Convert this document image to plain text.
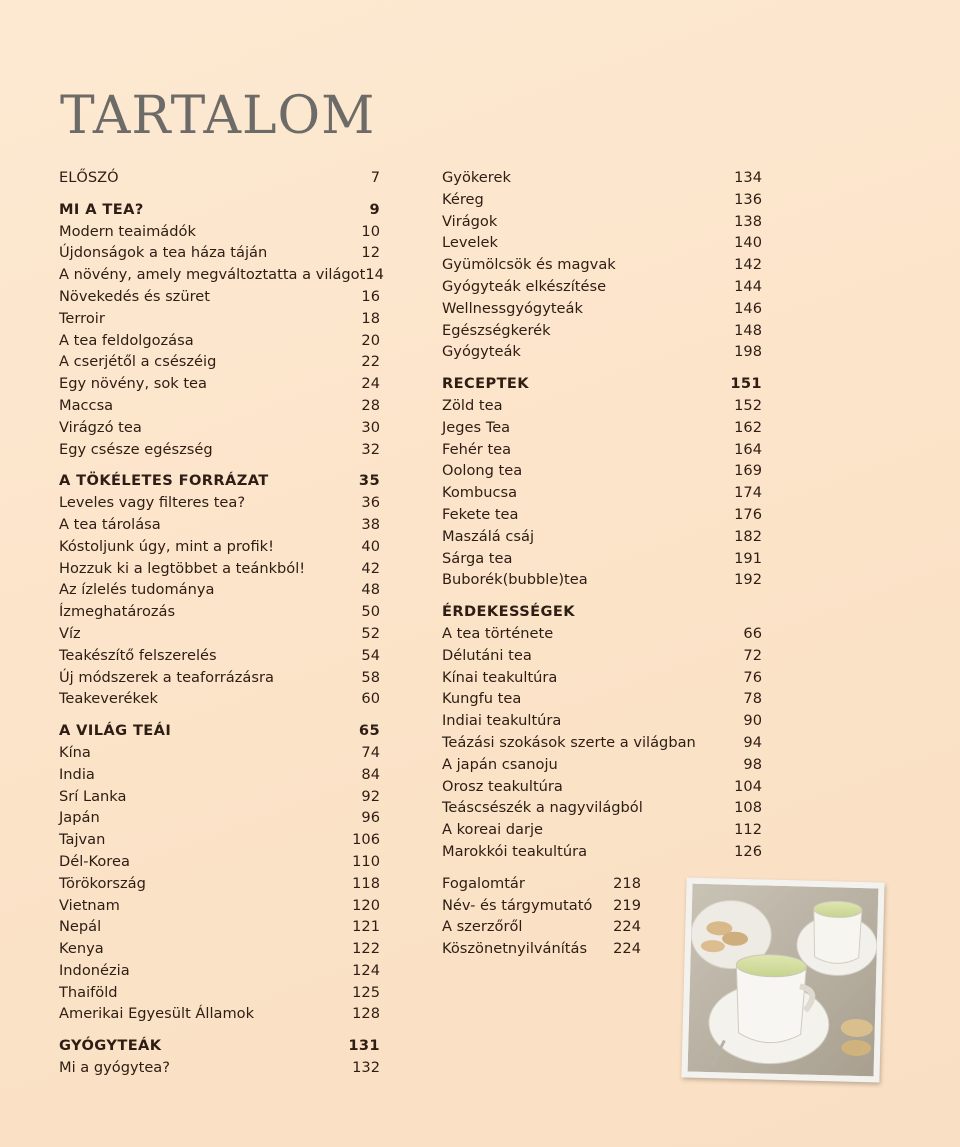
TARTALOM
ELŐSZÓ	7
MI A TEA?	9
Modern teaimádók	10
Újdonságok a tea háza táján	12
A növény, amely megváltoztatta a világot 14
Növekedés és szüret	16
Terroir	18
A tea feldolgozása	20
A cserjétől a csészéig	22
Egy növény, sok tea	24
Maccsa	28
Virágzó tea	30
Egy csésze egészség	32
A TÖKÉLETES FORRÁZAT	35
Leveles vagy filteres tea?	36
A tea tárolása	38
Kóstoljunk úgy, mint a profik!	40
Hozzuk ki a legtöbbet a teánkból!	42
Az ízlelés tudománya	48
Ízmeghatározás	50
Víz	52
Teakészítő felszerelés	54
Új módszerek a teaforrázásra	58
Teakeverékek	60
A VILÁG TEÁI	65
Kína	74
India	84
Srí Lanka	92
Japán	96
Tajvan	106
Dél-Korea	110
Törökország	118
Vietnam	120
Nepál	121
Kenya	122
Indonézia	124
Thaiföld	125
Amerikai Egyesült Államok	128
GYÓGYTEÁK	131
Mi a gyógytea?	132
Gyökerek	134
Kéreg	136
Virágok	138
Levelek	140
Gyümölcsök és magvak	142
Gyógyteák elkészítése	144
Wellnessgyógyteák	146
Egészségkerék	148
Gyógyteák	198
RECEPTEK	151
Zöld tea	152
Jeges Tea	162
Fehér tea	164
Oolong tea	169
Kombucsa	174
Fekete tea	176
Maszálá csáj	182
Sárga tea	191
Buborék(bubble)tea	192
ÉRDEKESSÉGEK
A tea története	66
Délutáni tea	72
Kínai teakultúra	76
Kungfu tea	78
Indiai teakultúra	90
Teázási szokások szerte a világban	94
A japán csanoju	98
Orosz teakultúra	104
Teáscsészék a nagyvilágból	108
A koreai darje	112
Marokkói teakultúra	126
Fogalomtár	218
Név- és tárgymutató 219
A szerzőről	224
Köszönetnyilvánítás 224
